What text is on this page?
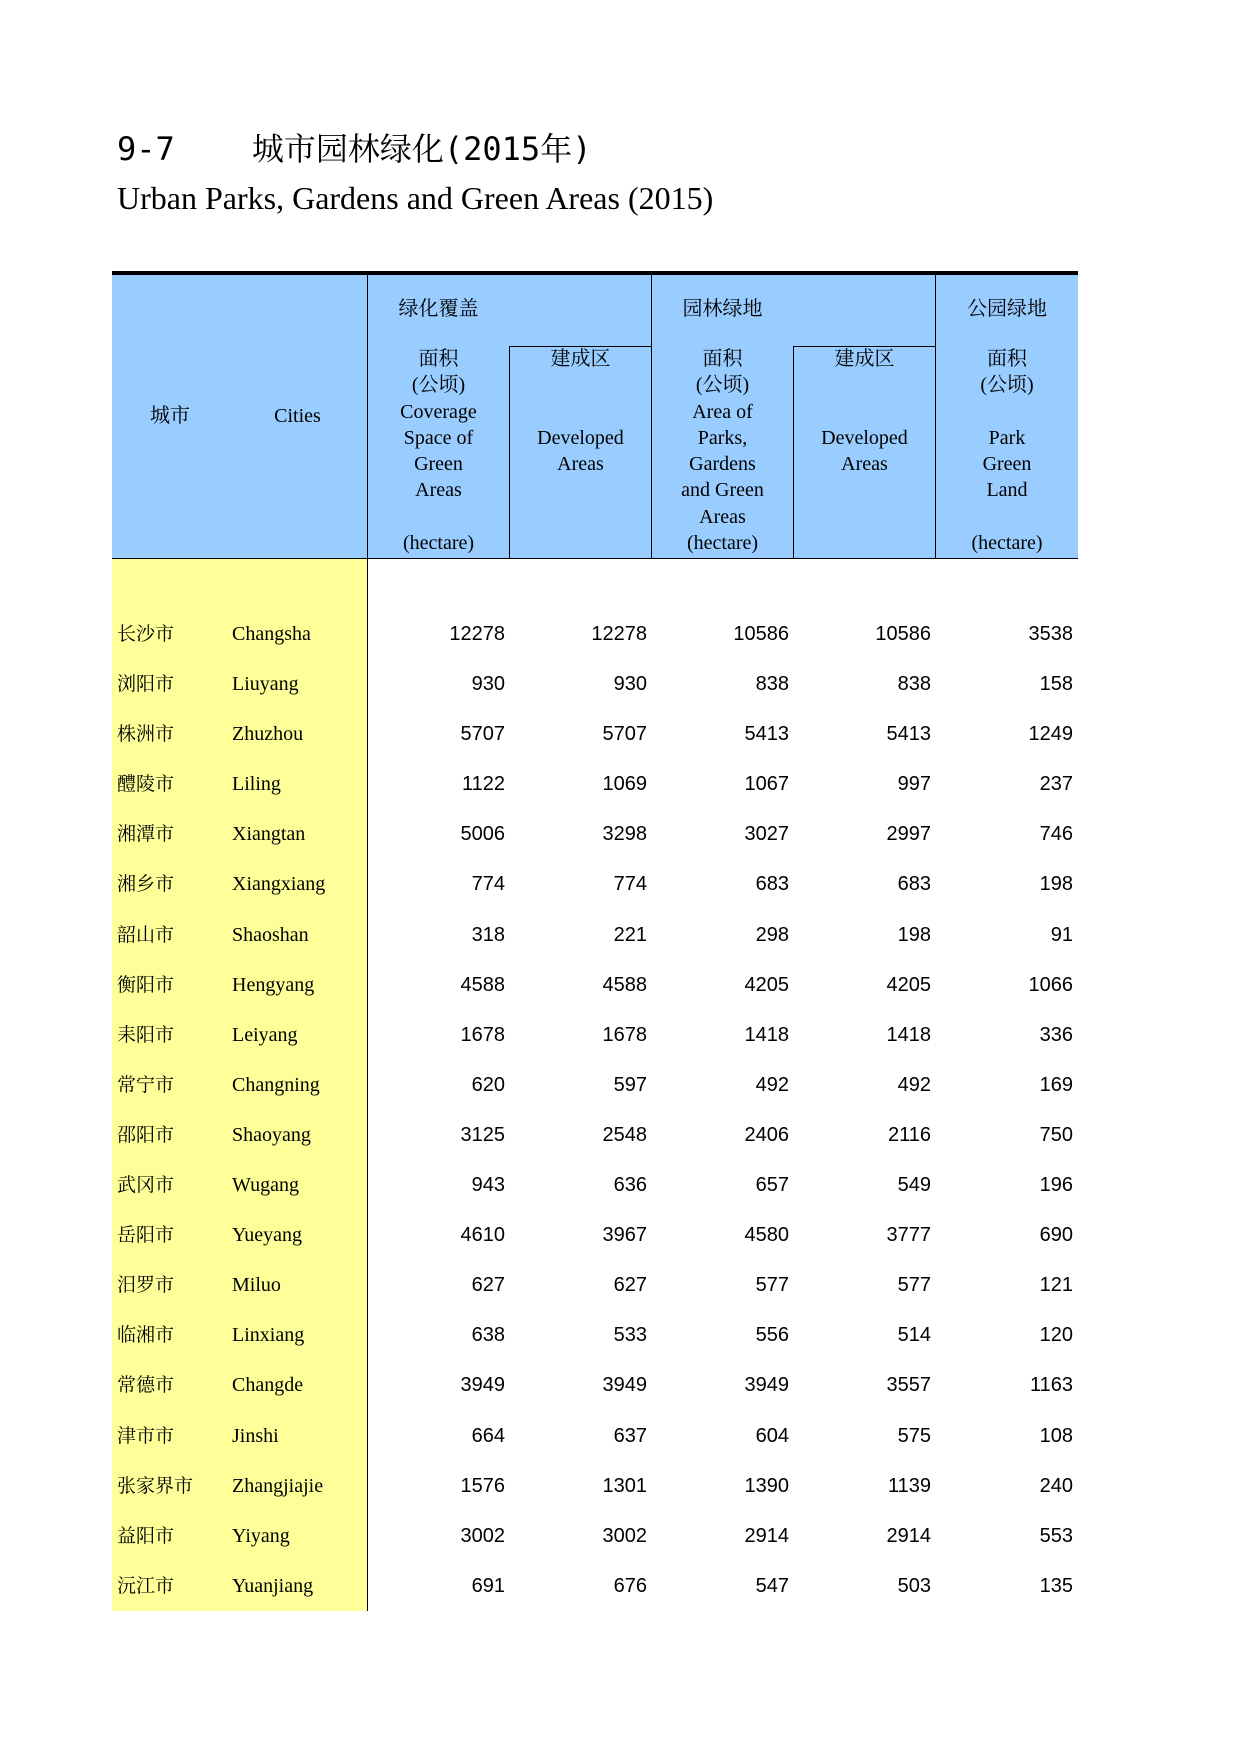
9-7    城市园林绿化(2015年)
Urban Parks, Gardens and Green Areas (2015)
城市	Cities
绿化覆盖	园林绿地	公园绿地
面积
(公顷)
Coverage
Space of
Green
Areas
(hectare)
建成区
Developed
Areas
面积
(公顷)
Area of
Parks,
Gardens
and Green
Areas
(hectare)
建成区
Developed
Areas
面积
(公顷)
Park
Green
Land
(hectare)
长沙市	Changsha	12278	12278	10586	10586	3538
浏阳市	Liuyang	930	930	838	838	158
株洲市	Zhuzhou	5707	5707	5413	5413	1249
醴陵市	Liling	1122	1069	1067	997	237
湘潭市	Xiangtan	5006	3298	3027	2997	746
湘乡市	Xiangxiang	774	774	683	683	198
韶山市	Shaoshan	318	221	298	198	91
衡阳市	Hengyang	4588	4588	4205	4205	1066
耒阳市	Leiyang	1678	1678	1418	1418	336
常宁市	Changning	620	597	492	492	169
邵阳市	Shaoyang	3125	2548	2406	2116	750
武冈市	Wugang	943	636	657	549	196
岳阳市	Yueyang	4610	3967	4580	3777	690
汨罗市	Miluo	627	627	577	577	121
临湘市	Linxiang	638	533	556	514	120
常德市	Changde	3949	3949	3949	3557	1163
津市市	Jinshi	664	637	604	575	108
张家界市 Zhangjiajie	1576	1301	1390	1139	240
益阳市	Yiyang	3002	3002	2914	2914	553
沅江市	Yuanjiang	691	676	547	503	135
